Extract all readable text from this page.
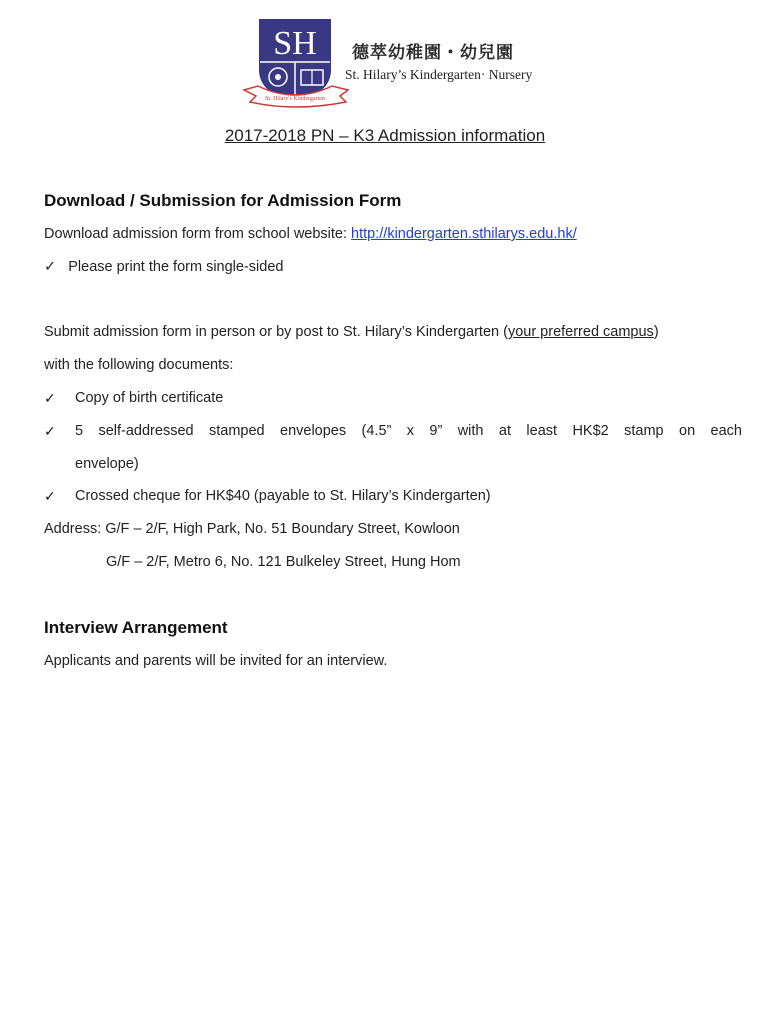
SH
St. Hilary's Kindergarten
德萃幼稚園・幼兒園
St. Hilary’s Kindergarten· Nursery
2017-2018 PN – K3 Admission information
Download / Submission for Admission Form
Download admission form from school website: http://kindergarten.sthilarys.edu.hk/
✓ Please print the form single-sided
Submit admission form in person or by post to St. Hilary’s Kindergarten (your preferred campus)
with the following documents:
✓ Copy of birth certificate
✓ 5 self-addressed stamped envelopes (4.5” x 9” with at least HK$2 stamp on each
envelope)
✓ Crossed cheque for HK$40 (payable to St. Hilary’s Kindergarten)
Address: G/F – 2/F, High Park, No. 51 Boundary Street, Kowloon
G/F – 2/F, Metro 6, No. 121 Bulkeley Street, Hung Hom
Interview Arrangement
Applicants and parents will be invited for an interview.
